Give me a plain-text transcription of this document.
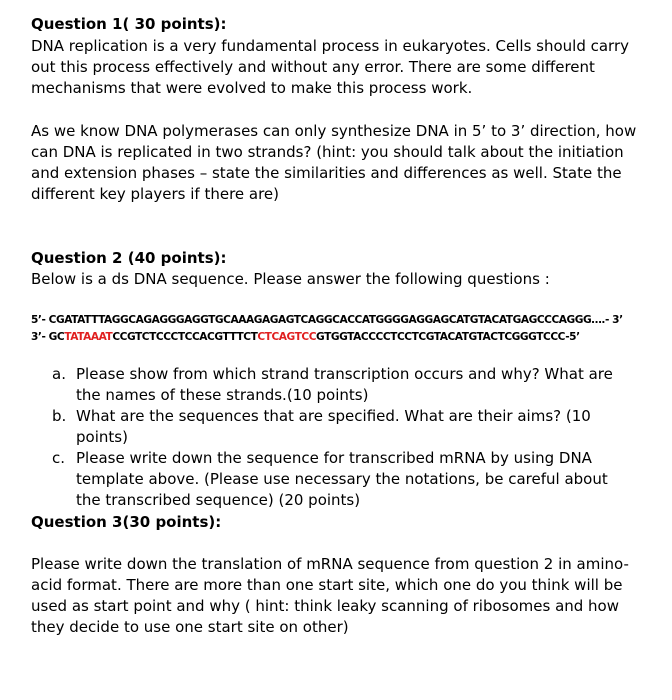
Question 1( 30 points):

DNA replication is a very fundamental process in eukaryotes. Cells should carry out this process effectively and without any error. There are some different mechanisms that were evolved to make this process work.

As we know DNA polymerases can only synthesize DNA in 5’ to 3’ direction, how can DNA is replicated in two strands? (hint: you should talk about the initiation and extension phases – state the similarities and differences as well. State the different key players if there are)

Question 2 (40 points):

Below is a ds DNA sequence. Please answer the following questions :

5’- CGATATTTAGGCAGAGGGAGGTGCAAAGAGAGTCAGGCACCATGGGGAGGAGCATGTACATGAGCCCAGGG….- 3’
3’- GCTATAAATCCGTCTCCCTCCACGTTTCTCTCAGTCCGTGGTACCCCTCCTCGTACATGTACTCGGGTCCC-5’
a. Please show from which strand transcription occurs and why? What are the names of these strands.(10 points)
b. What are the sequences that are specified. What are their aims? (10 points)
c. Please write down the sequence for transcribed mRNA by using DNA template above. (Please use necessary the notations, be careful about the transcribed sequence) (20 points)

Question 3(30 points):

Please write down the translation of mRNA sequence from question 2 in amino-acid format. There are more than one start site, which one do you think will be used as start point and why ( hint: think leaky scanning of ribosomes and how they decide to use one start site on other)
